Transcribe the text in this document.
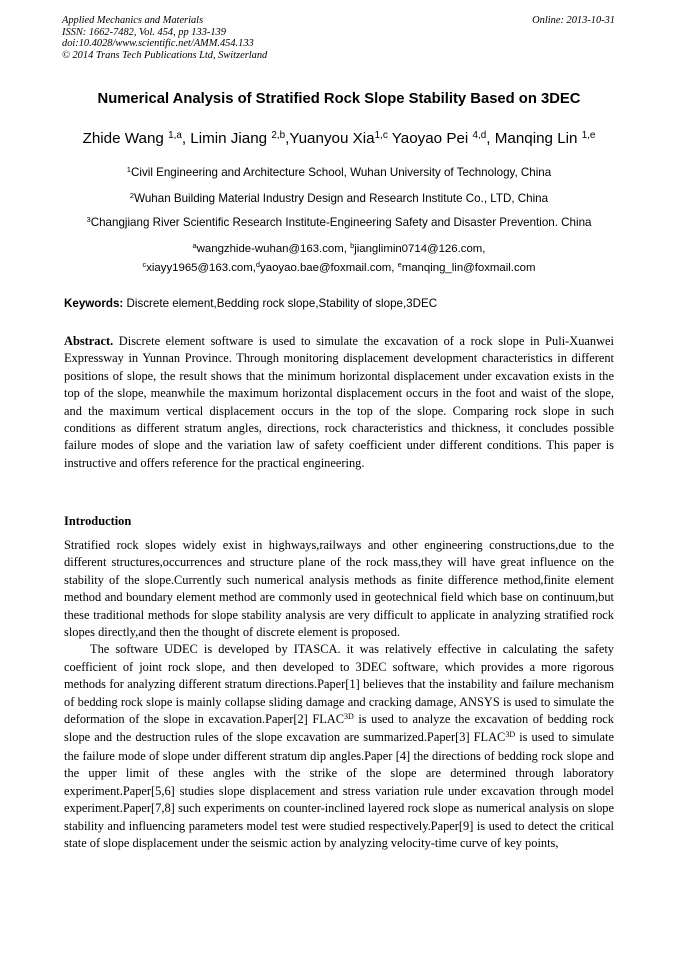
Applied Mechanics and Materials	Online: 2013-10-31
ISSN: 1662-7482, Vol. 454, pp 133-139
doi:10.4028/www.scientific.net/AMM.454.133
© 2014 Trans Tech Publications Ltd, Switzerland
Numerical Analysis of Stratified Rock Slope Stability Based on 3DEC
Zhide Wang $^{1,a}$, Limin Jiang $^{2,b}$,Yuanyou Xia$^{1,c}$ Yaoyao Pei $^{4,d}$, Manqing Lin $^{1,e}$
$^1$Civil Engineering and Architecture School, Wuhan University of Technology, China
$^2$Wuhan Building Material Industry Design and Research Institute Co., LTD, China
$^3$Changjiang River Scientific Research Institute-Engineering Safety and Disaster Prevention. China
$^a$wangzhide-wuhan@163.com, $^b$jianglimin0714@126.com,
$^c$xiayy1965@163.com,$^d$yaoyao.bae@foxmail.com, $^e$manqing_lin@foxmail.com
Keywords: Discrete element,Bedding rock slope,Stability of slope,3DEC
Abstract. Discrete element software is used to simulate the excavation of a rock slope in Puli-Xuanwei Expressway in Yunnan Province. Through monitoring displacement development characteristics in different positions of slope, the result shows that the minimum horizontal displacement under excavation exists in the top of the slope, meanwhile the maximum horizontal displacement occurs in the foot and waist of the slope, and the maximum vertical displacement occurs in the top of the slope. Comparing rock slope in such conditions as different stratum angles, directions, rock characteristics and thickness, it concludes possible failure modes of slope and the variation law of safety coefficient under different conditions. This paper is instructive and offers reference for the practical engineering.
Introduction

Stratified rock slopes widely exist in highways,railways and other engineering constructions,due to the different structures,occurrences and structure plane of the rock mass,they will have great influence on the stability of the slope.Currently such numerical analysis methods as finite difference method,finite element method and boundary element method are commonly used in geotechnical field which base on continuum,but these traditional methods for slope stability analysis are very difficult to applicate in analyzing stratified rock slopes directly,and then the thought of discrete element is proposed.

The software UDEC is developed by ITASCA. it was relatively effective in calculating the safety coefficient of joint rock slope, and then developed to 3DEC software, which provides a more rigorous methods for analyzing different stratum directions.Paper[1] believes that the instability and failure mechanism of bedding rock slope is mainly collapse sliding damage and cracking damage, ANSYS is used to simulate the deformation of the slope in excavation.Paper[2] $FLAC^{3D}$ is used to analyze the excavation of bedding rock slope and the destruction rules of the slope excavation are summarized.Paper[3] $FLAC^{3D}$ is used to simulate the failure mode of slope under different stratum dip angles.Paper [4] the directions of bedding rock slope and the upper limit of these angles with the strike of the slope are determined through laboratory experiment.Paper[5,6] studies slope displacement and stress variation rule under excavation through model experiment.Paper[7,8] such experiments on counter-inclined layered rock slope as numerical analysis on slope stability and influencing parameters model test were studied respectively.Paper[9] is used to detect the critical state of slope displacement under the seismic action by analyzing velocity-time curve of key points,
